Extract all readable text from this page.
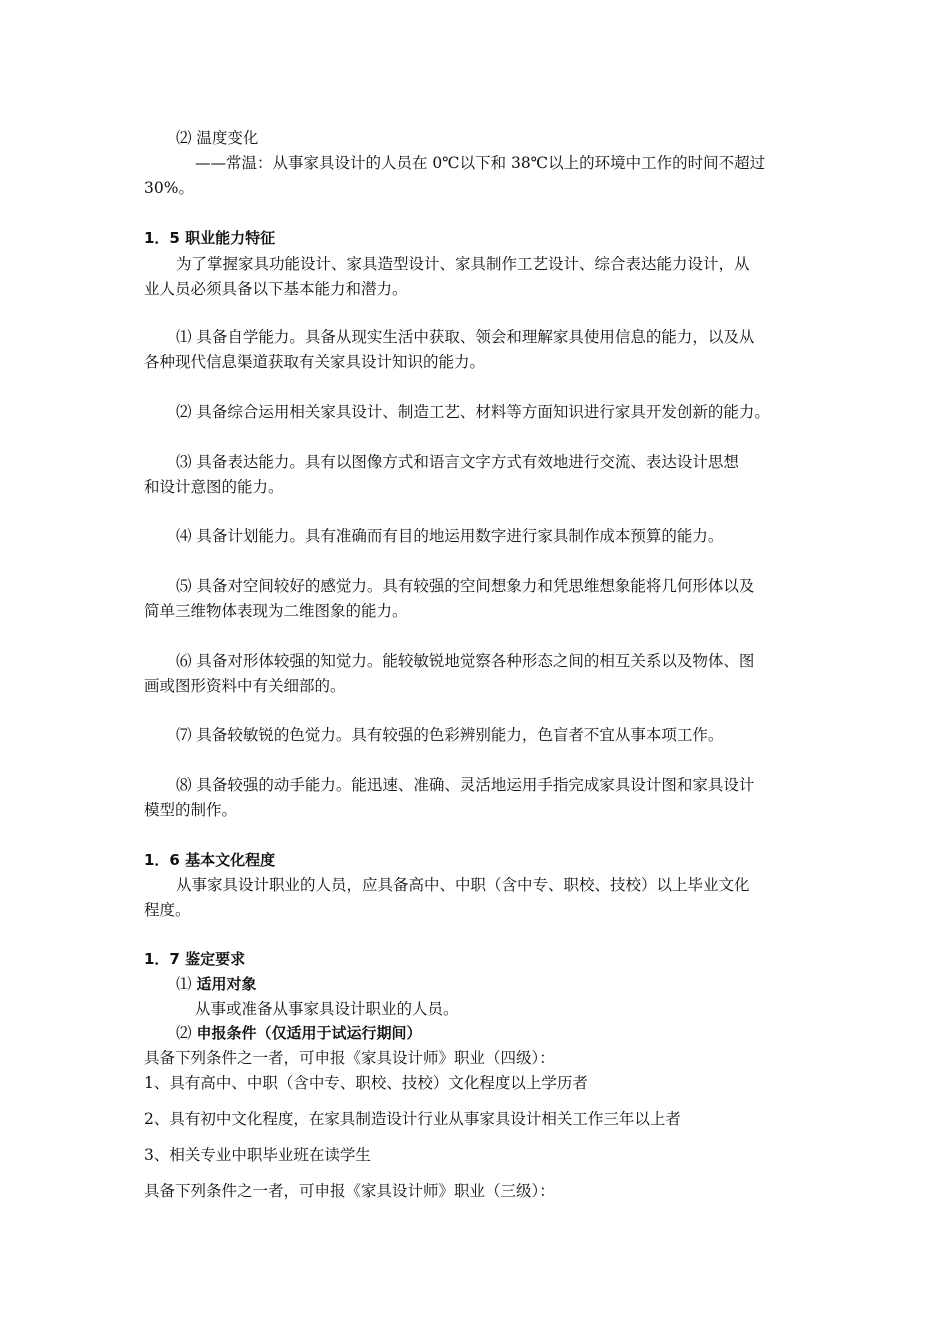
⑵ 温度变化
——常温：从事家具设计的人员在 0℃以下和 38℃以上的环境中工作的时间不超过
30%。
1．5 职业能力特征
为了掌握家具功能设计、家具造型设计、家具制作工艺设计、综合表达能力设计，从
业人员必须具备以下基本能力和潜力。
⑴ 具备自学能力。具备从现实生活中获取、领会和理解家具使用信息的能力，以及从
各种现代信息渠道获取有关家具设计知识的能力。
⑵ 具备综合运用相关家具设计、制造工艺、材料等方面知识进行家具开发创新的能力。
⑶ 具备表达能力。具有以图像方式和语言文字方式有效地进行交流、表达设计思想
和设计意图的能力。
⑷ 具备计划能力。具有准确而有目的地运用数字进行家具制作成本预算的能力。
⑸ 具备对空间较好的感觉力。具有较强的空间想象力和凭思维想象能将几何形体以及
简单三维物体表现为二维图象的能力。
⑹ 具备对形体较强的知觉力。能较敏锐地觉察各种形态之间的相互关系以及物体、图
画或图形资料中有关细部的。
⑺ 具备较敏锐的色觉力。具有较强的色彩辨别能力，色盲者不宜从事本项工作。
⑻ 具备较强的动手能力。能迅速、准确、灵活地运用手指完成家具设计图和家具设计
模型的制作。
1．6 基本文化程度
从事家具设计职业的人员，应具备高中、中职（含中专、职校、技校）以上毕业文化
程度。
1．7 鉴定要求
⑴ 适用对象
从事或准备从事家具设计职业的人员。
⑵ 申报条件（仅适用于试运行期间）
具备下列条件之一者，可申报《家具设计师》职业（四级）：
1、具有高中、中职（含中专、职校、技校）文化程度以上学历者
2、具有初中文化程度，在家具制造设计行业从事家具设计相关工作三年以上者
3、相关专业中职毕业班在读学生
具备下列条件之一者，可申报《家具设计师》职业（三级）：
